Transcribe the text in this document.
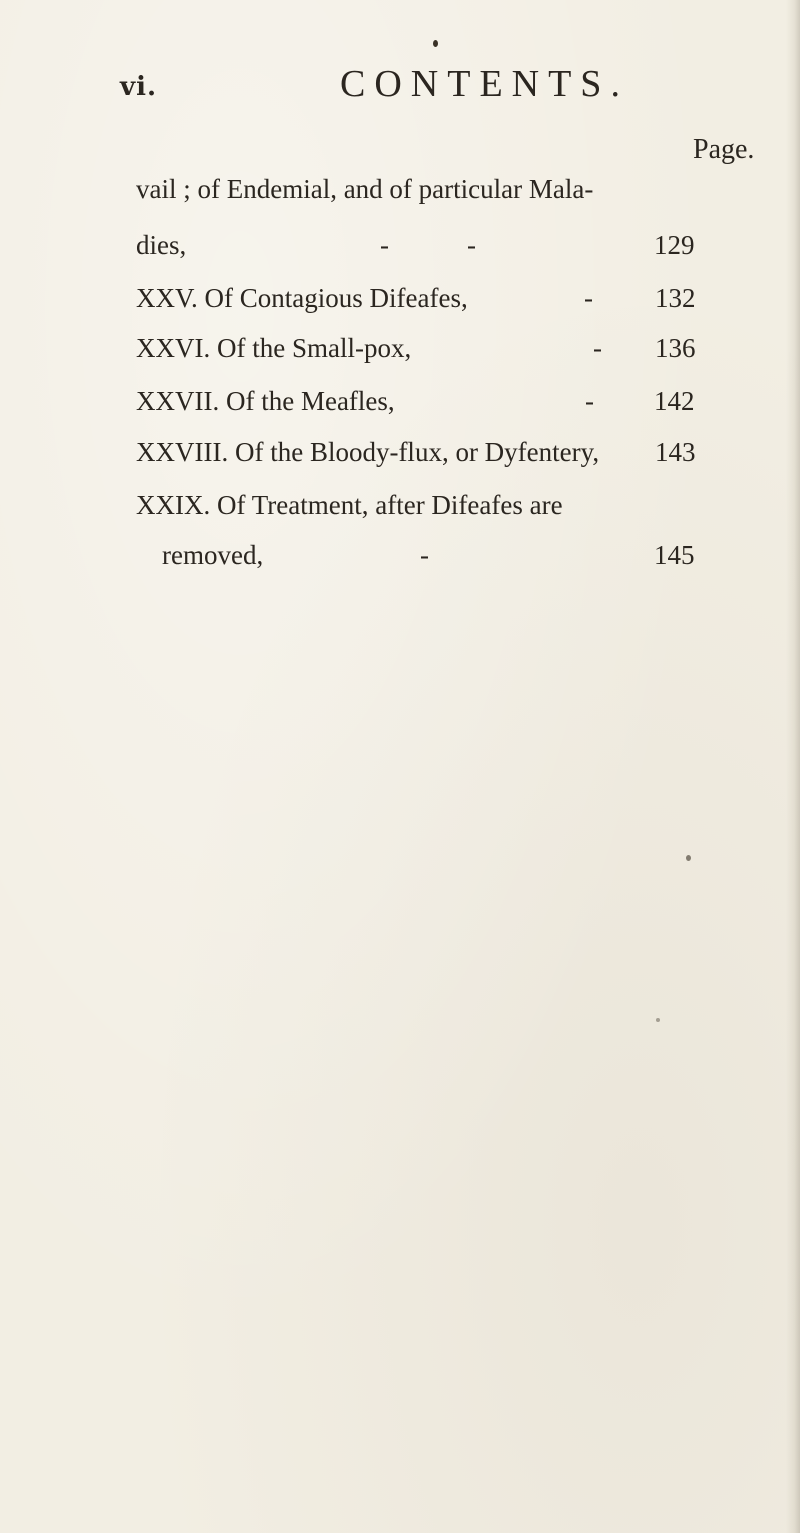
vi.	CONTENTS.
Page.
vail ; of Endemial, and of particular Mala-
dies,	-	-	129
XXV. Of Contagious Difeafes,	- 132
XXVI. Of the Small-pox,	- 136
XXVII. Of the Meafles,	- 142
XXVIII. Of the Bloody-flux, or Dyfentery, 143
XXIX. Of Treatment, after Difeafes are
removed,	-	145
